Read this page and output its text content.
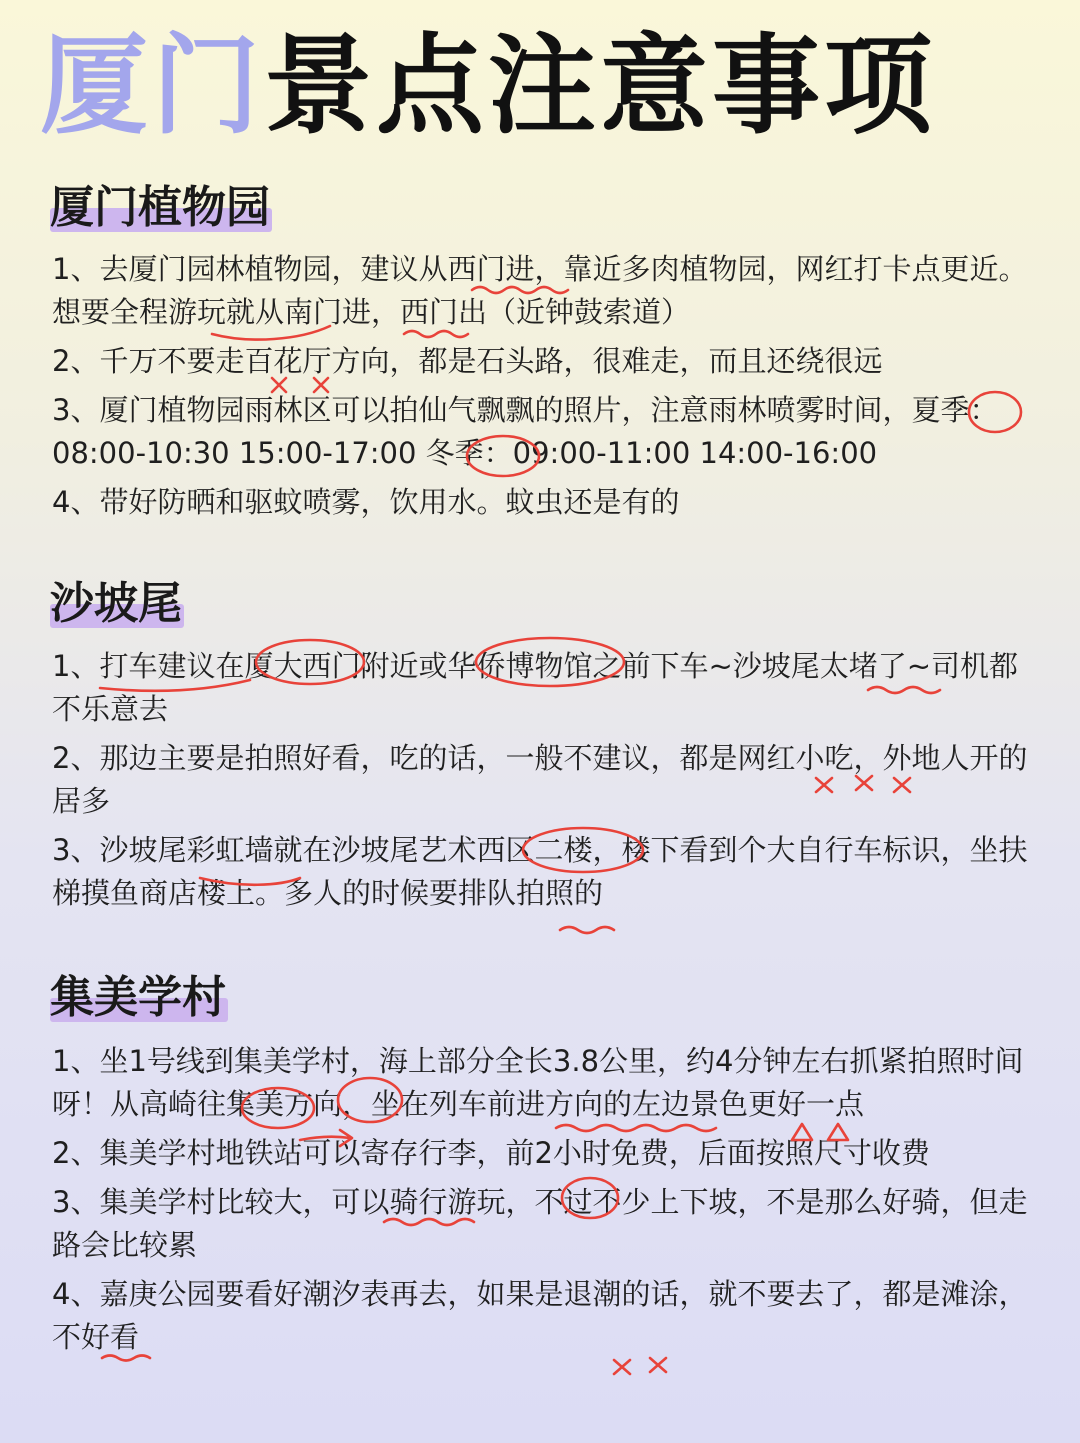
厦门景点注意事项
厦门植物园
1、去厦门园林植物园，建议从西门进，靠近多肉植物园，网红打卡点更近。想要全程游玩就从南门进，西门出（近钟鼓索道）
2、千万不要走百花厅方向，都是石头路，很难走，而且还绕很远
3、厦门植物园雨林区可以拍仙气飘飘的照片，注意雨林喷雾时间，夏季：08:00-10:30 15:00-17:00 冬季：09:00-11:00 14:00-16:00
4、带好防晒和驱蚊喷雾，饮用水。蚊虫还是有的
沙坡尾
1、打车建议在厦大西门附近或华侨博物馆之前下车~沙坡尾太堵了~司机都不乐意去
2、那边主要是拍照好看，吃的话，一般不建议，都是网红小吃，外地人开的居多
3、沙坡尾彩虹墙就在沙坡尾艺术西区二楼，楼下看到个大自行车标识，坐扶梯摸鱼商店楼上。多人的时候要排队拍照的
集美学村
1、坐1号线到集美学村，海上部分全长3.8公里，约4分钟左右抓紧拍照时间呀！从高崎往集美方向，坐在列车前进方向的左边景色更好一点
2、集美学村地铁站可以寄存行李，前2小时免费，后面按照尺寸收费
3、集美学村比较大，可以骑行游玩，不过不少上下坡，不是那么好骑，但走路会比较累
4、嘉庚公园要看好潮汐表再去，如果是退潮的话，就不要去了，都是滩涂，不好看
